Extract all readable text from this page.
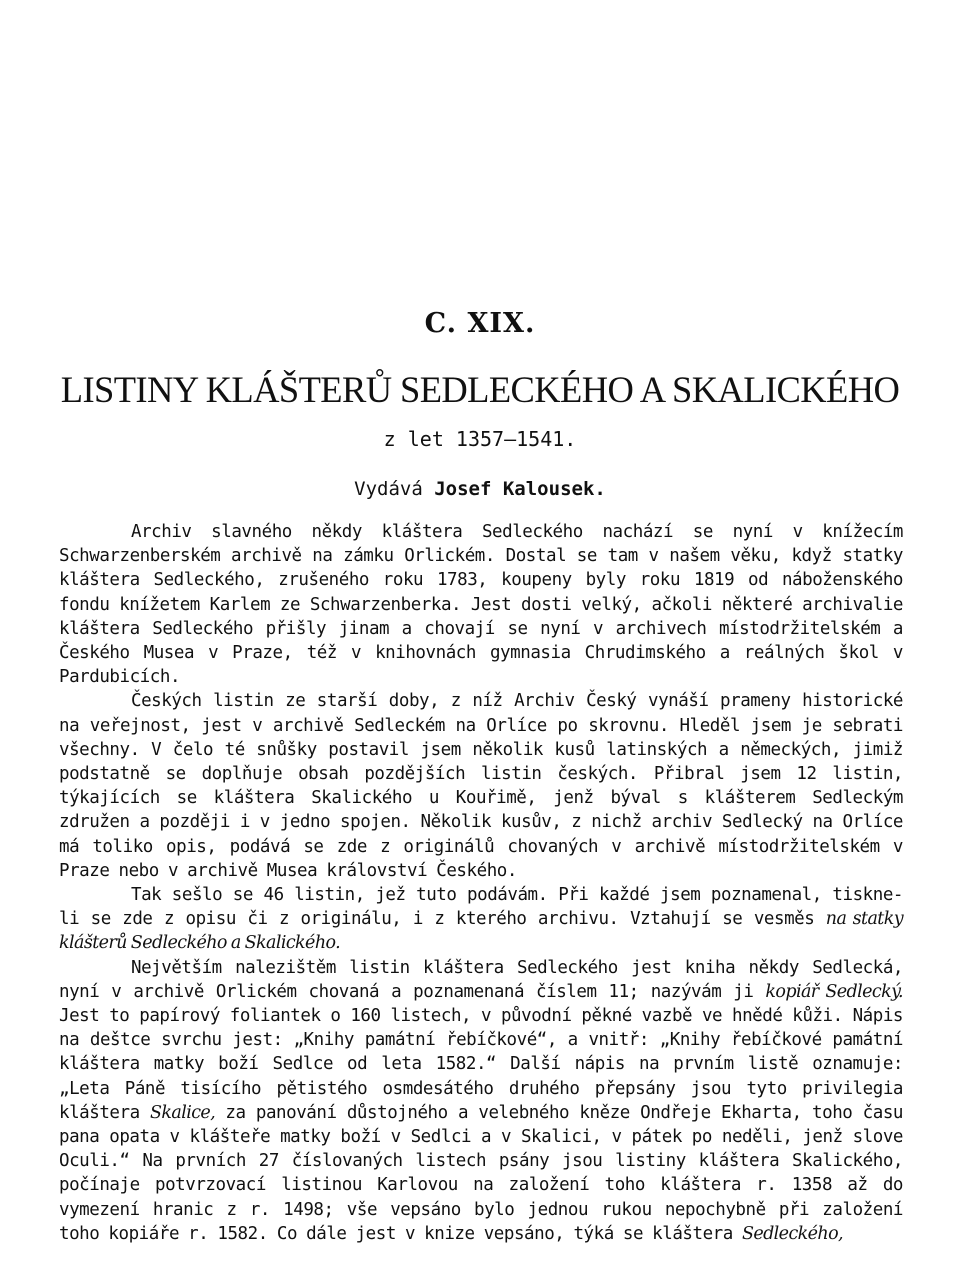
C. XIX.
LISTINY KLÁŠTERŮ SEDLECKÉHO A SKALICKÉHO
z let 1357—1541.
Vydává Josef Kalousek.

Archiv slavného někdy kláštera Sedleckého nachází se nyní v knížecím Schwarzenberském archivě na zámku Orlickém. Dostal se tam v našem věku, když statky kláštera Sedleckého, zrušeného roku 1783, koupeny byly roku 1819 od náboženského fondu knížetem Karlem ze Schwarzenberka. Jest dosti velký, ačkoli některé archivalie kláštera Sedleckého přišly jinam a chovají se nyní v archivech místodržitelském a Českého Musea v Praze, též v knihovnách gymnasia Chrudimského a reálných škol v Pardubicích.

Českých listin ze starší doby, z níž Archiv Český vynáší prameny historické na veřejnost, jest v archivě Sedleckém na Orlíce po skrovnu. Hleděl jsem je sebrati všechny. V čelo té snůšky postavil jsem několik kusů latinských a německých, jimiž podstatně se doplňuje obsah pozdějších listin českých. Přibral jsem 12 listin, týkajících se kláštera Skalického u Kouřimě, jenž býval s klášterem Sedleckým združen a později i v jedno spojen. Několik kusův, z nichž archiv Sedlecký na Orlíce má toliko opis, podává se zde z originálů chovaných v archivě místodržitelském v Praze nebo v archivě Musea království Českého.

Tak sešlo se 46 listin, jež tuto podávám. Při každé jsem poznamenal, tiskne-li se zde z opisu či z originálu, i z kterého archivu. Vztahují se vesměs na statky klášterů Sedleckého a Skalického.

Největším nalezištěm listin kláštera Sedleckého jest kniha někdy Sedlecká, nyní v archivě Orlickém chovaná a poznamenaná číslem 11; nazývám ji kopiář Sedlecký. Jest to papírový foliantek o 160 listech, v původní pěkné vazbě ve hnědé kůži. Nápis na deštce svrchu jest: „Knihy památní řebíčkové“, a vnitř: „Knihy řebíčkové památní kláštera matky boží Sedlce od leta 1582.“ Další nápis na prvním listě oznamuje: „Leta Páně tisícího pětistého osmdesátého druhého přepsány jsou tyto privilegia kláštera Skalice, za panování důstojného a velebného kněze Ondřeje Ekharta, toho času pana opata v klášteře matky boží v Sedlci a v Skalici, v pátek po neděli, jenž slove Oculi.“ Na prvních 27 číslovaných listech psány jsou listiny kláštera Skalického, počínaje potvrzovací listinou Karlovou na založení toho kláštera r. 1358 až do vymezení hranic z r. 1498; vše vepsáno bylo jednou rukou nepochybně při založení toho kopiáře r. 1582. Co dále jest v knize vepsáno, týká se kláštera Sedleckého,
